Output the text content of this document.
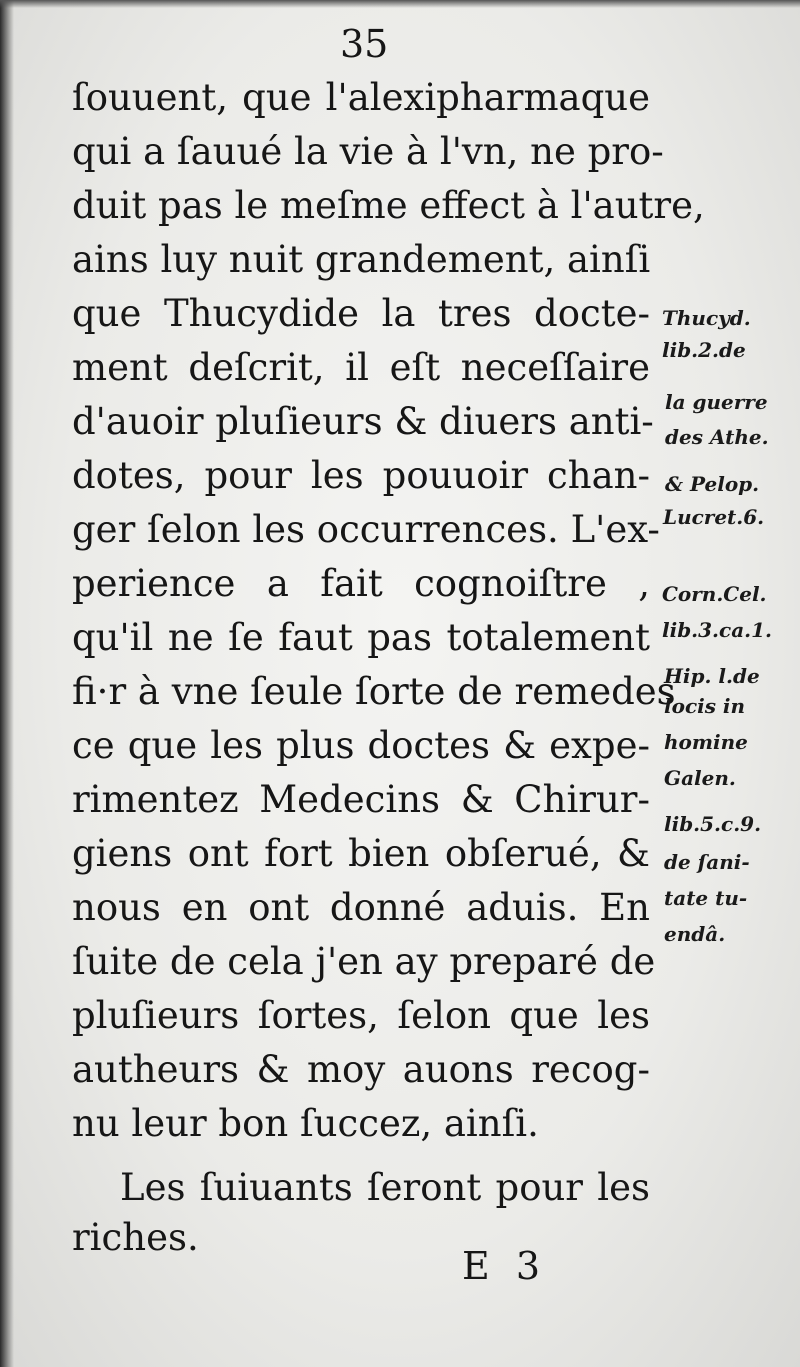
35
ſouuent, que l'alexipharmaque
qui a ſauué la vie à l'vn, ne pro-
duit pas le meſme effect à l'autre,
ains luy nuit grandement, ainſi
que Thucydide la tres docte-
ment deſcrit, il eſt neceſſaire
d'auoir pluſieurs & diuers anti-
dotes, pour les pouuoir chan-
ger ſelon les occurrences. L'ex-
perience a fait cognoiſtre ,
qu'il ne ſe faut pas totalement
fi·r à vne ſeule ſorte de remedes
ce que les plus doctes & expe-
rimentez Medecins & Chirur-
giens ont fort bien obſerué, &
nous en ont donné aduis. En
ſuite de cela j'en ay preparé de
pluſieurs ſortes, ſelon que les
autheurs & moy auons recog-
nu leur bon ſuccez, ainſi.
Les ſuiuants ſeront pour les
riches.
Thucyd.
lib.2.de
la guerre
des Athe.
& Pelop.
Lucret.6.
Corn.Cel.
lib.3.ca.1.
Hip. l.de
locis in
homine
Galen.
lib.5.c.9.
de ſani-
tate tu-
endâ.
E 3
